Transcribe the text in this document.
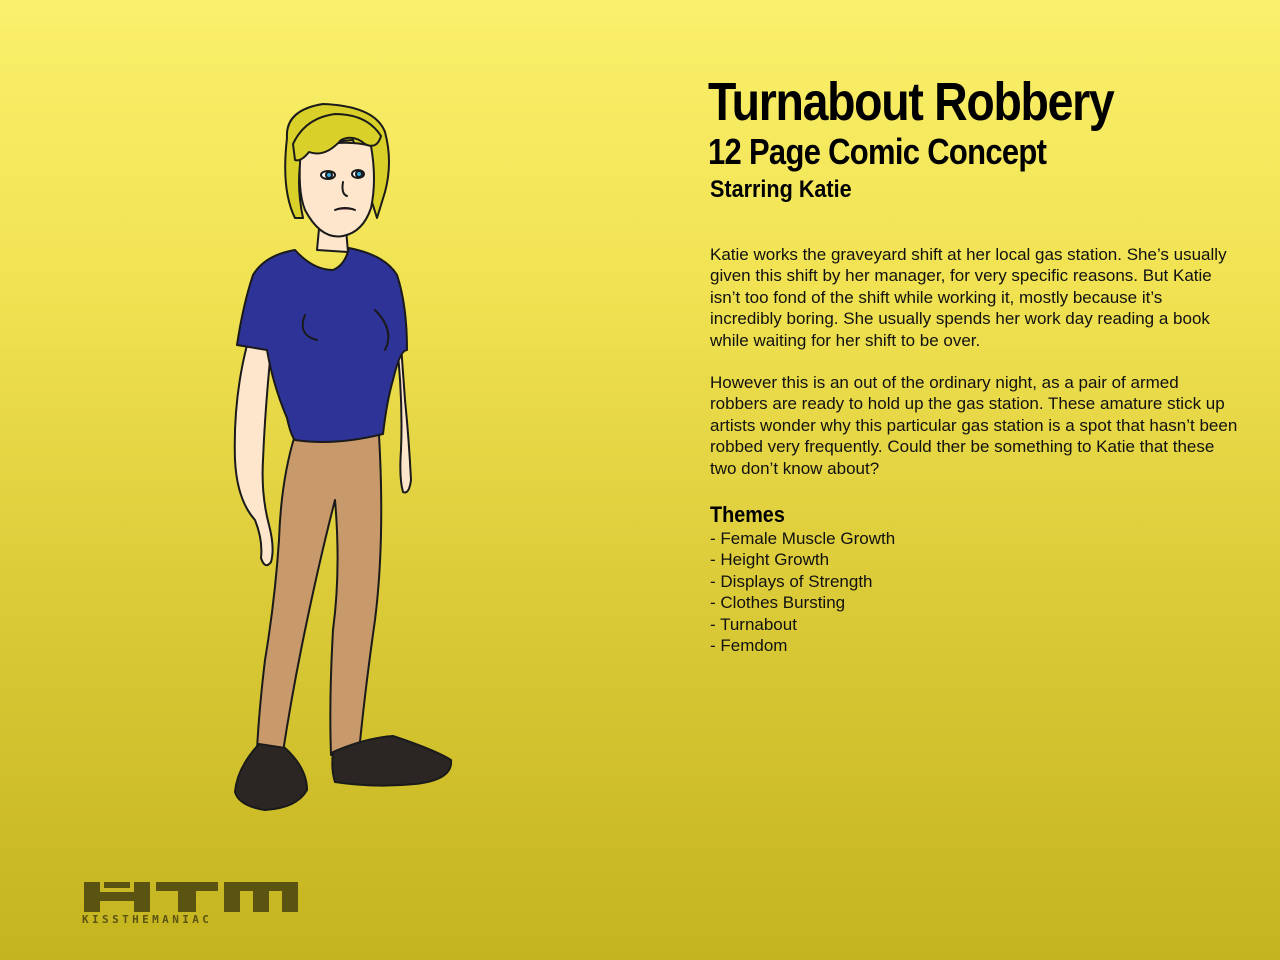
Turnabout Robbery
12 Page Comic Concept
Starring Katie

Katie works the graveyard shift at her local gas station. She’s usually given this shift by her manager, for very specific reasons. But Katie isn’t too fond of the shift while working it, mostly because it’s incredibly boring. She usually spends her work day reading a book while waiting for her shift to be over.

However this is an out of the ordinary night, as a pair of armed robbers are ready to hold up the gas station. These amature stick up artists wonder why this particular gas station is a spot that hasn’t been robbed very frequently. Could ther be something to Katie that these two don’t know about?

Themes
- Female Muscle Growth
- Height Growth
- Displays of Strength
- Clothes Bursting
- Turnabout
- Femdom
KISSTHEMANIAC
